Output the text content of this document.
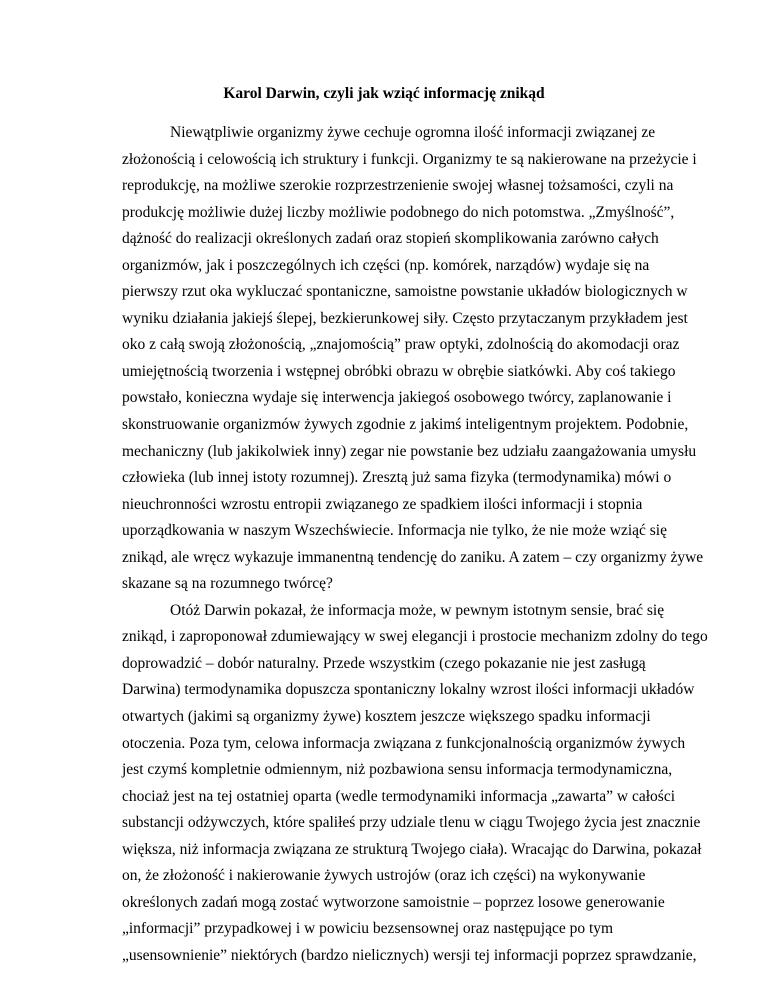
Karol Darwin, czyli jak wziąć informację znikąd
Niewątpliwie organizmy żywe cechuje ogromna ilość informacji związanej ze
złożonością i celowością ich struktury i funkcji. Organizmy te są nakierowane na przeżycie i
reprodukcję, na możliwe szerokie rozprzestrzenienie swojej własnej tożsamości, czyli na
produkcję możliwie dużej liczby możliwie podobnego do nich potomstwa. „Zmyślność”,
dążność do realizacji określonych zadań oraz stopień skomplikowania zarówno całych
organizmów, jak i poszczególnych ich części (np. komórek, narządów) wydaje się na
pierwszy rzut oka wykluczać spontaniczne, samoistne powstanie układów biologicznych w
wyniku działania jakiejś ślepej, bezkierunkowej siły. Często przytaczanym przykładem jest
oko z całą swoją złożonością, „znajomością” praw optyki, zdolnością do akomodacji oraz
umiejętnością tworzenia i wstępnej obróbki obrazu w obrębie siatkówki. Aby coś takiego
powstało, konieczna wydaje się interwencja jakiegoś osobowego twórcy, zaplanowanie i
skonstruowanie organizmów żywych zgodnie z jakimś inteligentnym projektem. Podobnie,
mechaniczny (lub jakikolwiek inny) zegar nie powstanie bez udziału zaangażowania umysłu
człowieka (lub innej istoty rozumnej). Zresztą już sama fizyka (termodynamika) mówi o
nieuchronności wzrostu entropii związanego ze spadkiem ilości informacji i stopnia
uporządkowania w naszym Wszechświecie. Informacja nie tylko, że nie może wziąć się
znikąd, ale wręcz wykazuje immanentną tendencję do zaniku. A zatem – czy organizmy żywe
skazane są na rozumnego twórcę?
Otóż Darwin pokazał, że informacja może, w pewnym istotnym sensie, brać się
znikąd, i zaproponował zdumiewający w swej elegancji i prostocie mechanizm zdolny do tego
doprowadzić – dobór naturalny. Przede wszystkim (czego pokazanie nie jest zasługą
Darwina) termodynamika dopuszcza spontaniczny lokalny wzrost ilości informacji układów
otwartych (jakimi są organizmy żywe) kosztem jeszcze większego spadku informacji
otoczenia. Poza tym, celowa informacja związana z funkcjonalnością organizmów żywych
jest czymś kompletnie odmiennym, niż pozbawiona sensu informacja termodynamiczna,
chociaż jest na tej ostatniej oparta (wedle termodynamiki informacja „zawarta” w całości
substancji odżywczych, które spaliłeś przy udziale tlenu w ciągu Twojego życia jest znacznie
większa, niż informacja związana ze strukturą Twojego ciała). Wracając do Darwina, pokazał
on, że złożoność i nakierowanie żywych ustrojów (oraz ich części) na wykonywanie
określonych zadań mogą zostać wytworzone samoistnie – poprzez losowe generowanie
„informacji” przypadkowej i w powiciu bezsensownej oraz następujące po tym
„usensownienie” niektórych (bardzo nielicznych) wersji tej informacji poprzez sprawdzanie,
